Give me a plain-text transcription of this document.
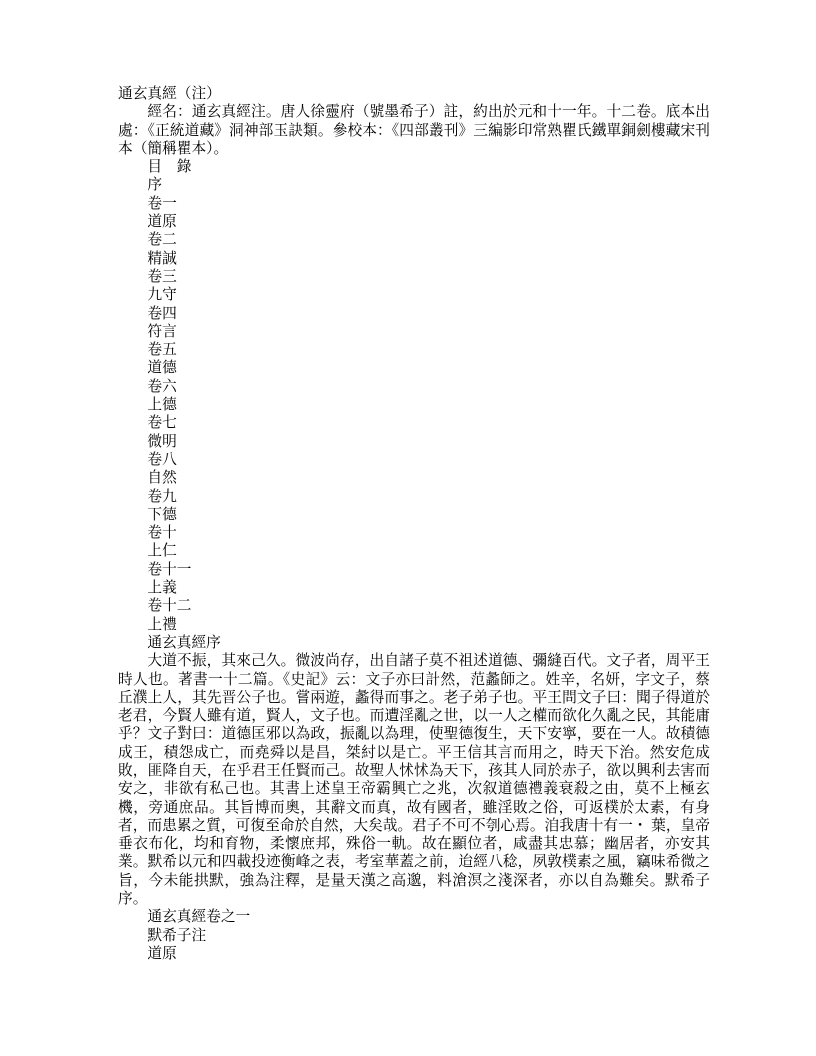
通玄真經（注）
經名：通玄真經注。唐人徐靈府（號墨希子）註，約出於元和十一年。十二卷。底本出處：《正統道藏》洞神部玉訣類。參校本：《四部叢刊》三編影印常熟瞿氏鐵單銅劍樓藏宋刊本（簡稱瞿本）。
目　錄
序
卷一
道原
卷二
精誠
卷三
九守
卷四
符言
卷五
道德
卷六
上德
卷七
微明
卷八
自然
卷九
下德
卷十
上仁
卷十一
上義
卷十二
上禮
通玄真經序
大道不振，其來己久。微波尚存，出自諸子莫不祖述道德、彌縫百代。文子者，周平王時人也。著書一十二篇。《史記》云：文子亦曰計然，范蠡師之。姓辛，名妍，字文子，蔡丘濮上人，其先晋公子也。嘗兩遊，蠡得而事之。老子弟子也。平王問文子曰：聞子得道於老君，今賢人雖有道，賢人，文子也。而遭淫亂之世，以一人之權而欲化久亂之民，其能庸乎？文子對曰：道德匡邪以為政，振亂以為理，使聖德復生，天下安寧，要在一人。故積德成王，積怨成亡，而堯舜以是昌，桀紂以是亡。平王信其言而用之，時天下治。然安危成敗，匪降自天，在乎君王任賢而己。故聖人怵怵為天下，孩其人同於赤子，欲以興利去害而安之，非欲有私己也。其書上述皇王帝霸興亡之兆，次叙道德禮義衰殺之由，莫不上極玄機，旁通庶品。其旨博而奧，其辭文而真，故有國者，雖淫敗之俗，可返樸於太素，有身者，而患累之質，可復至命於自然，大矣哉。君子不可不刳心焉。洎我唐十有一・ 葉，皇帝垂衣布化，均和育物，柔懷庶邦，殊俗一軌。故在顯位者，咸盡其忠慕；幽居者，亦安其業。默希以元和四載投迹衡峰之表，考室華蓋之前，迨經八稔，夙敦樸素之風，竊味希微之旨，今未能拱默，強為注釋，是量天漢之高邈，料滄溟之淺深者，亦以自為難矣。默希子序。
通玄真經卷之一
默希子注
道原
